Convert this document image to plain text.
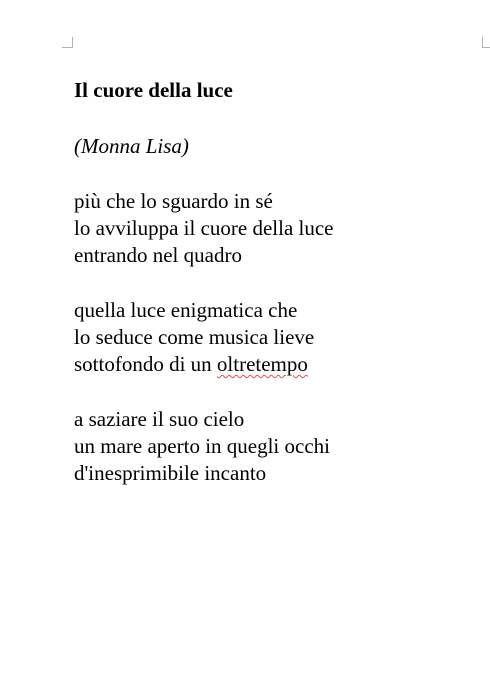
Il cuore della luce

(Monna Lisa)

più che lo sguardo in sé
lo avviluppa il cuore della luce
entrando nel quadro
quella luce enigmatica che
lo seduce come musica lieve
sottofondo di un oltretempo
a saziare il suo cielo
un mare aperto in quegli occhi
d'inesprimibile incanto
